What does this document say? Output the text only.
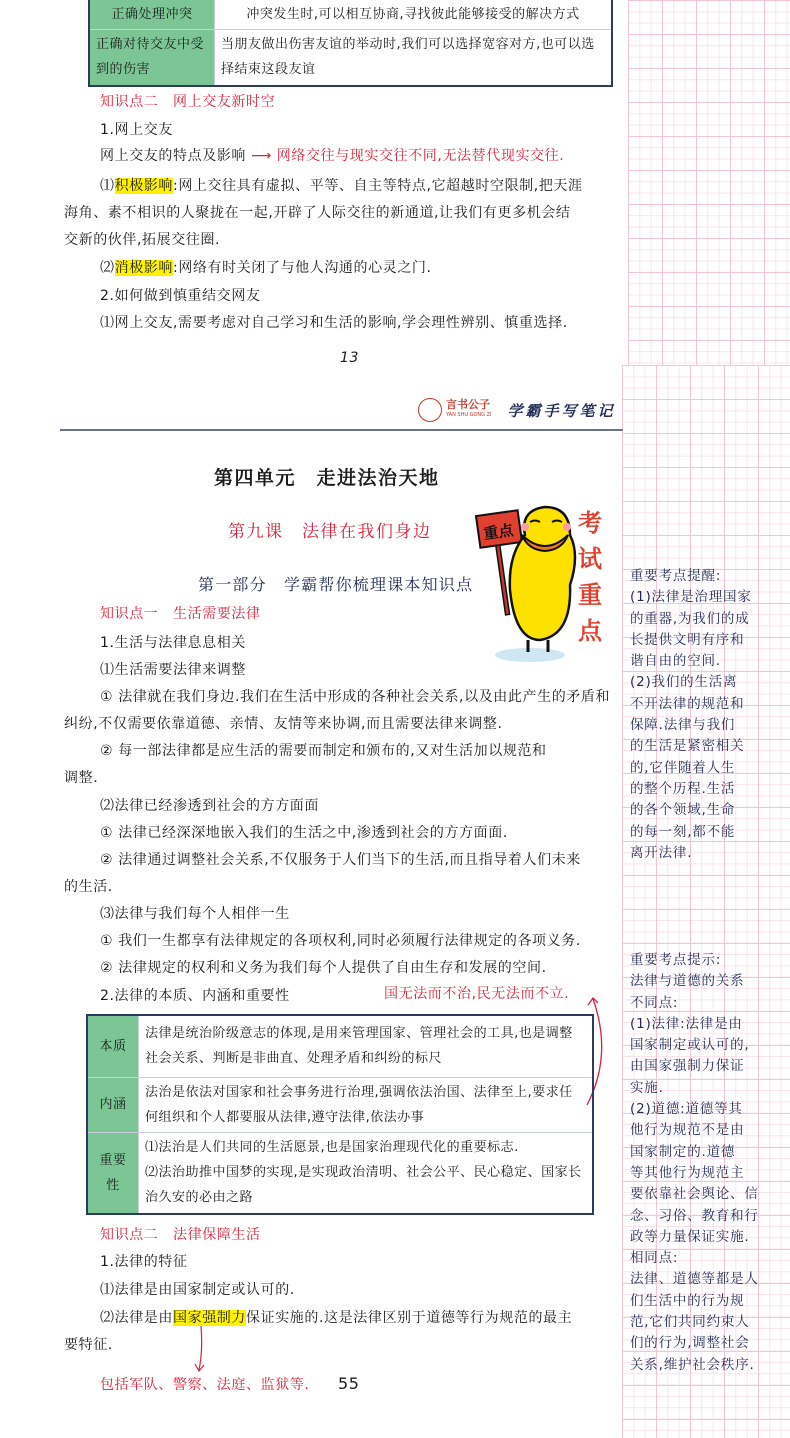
正确处理冲突	冲突发生时,可以相互协商,寻找彼此能够接受的解决方式
正确对待交友中受到的伤害	当朋友做出伤害友谊的举动时,我们可以选择宽容对方,也可以选择结束这段友谊
知识点二　网上交友新时空
1.网上交友
网上交友的特点及影响 ⟶ 网络交往与现实交往不同,无法替代现实交往.
⑴积极影响:网上交往具有虚拟、平等、自主等特点,它超越时空限制,把天涯
海角、素不相识的人聚拢在一起,开辟了人际交往的新通道,让我们有更多机会结
交新的伙伴,拓展交往圈.
⑵消极影响:网络有时关闭了与他人沟通的心灵之门.
2.如何做到慎重结交网友
⑴网上交友,需要考虑对自己学习和生活的影响,学会理性辨别、慎重选择.
13
言书公子
YAN SHU GONG ZI 学霸手写笔记
第四单元　走进法治天地
第九课　法律在我们身边
第一部分　学霸帮你梳理课本知识点
重点	考试重点
知识点一　生活需要法律
1.生活与法律息息相关
⑴生活需要法律来调整
① 法律就在我们身边.我们在生活中形成的各种社会关系,以及由此产生的矛盾和
纠纷,不仅需要依靠道德、亲情、友情等来协调,而且需要法律来调整.
② 每一部法律都是应生活的需要而制定和颁布的,又对生活加以规范和
调整.
⑵法律已经渗透到社会的方方面面
① 法律已经深深地嵌入我们的生活之中,渗透到社会的方方面面.
② 法律通过调整社会关系,不仅服务于人们当下的生活,而且指导着人们未来
的生活.
⑶法律与我们每个人相伴一生
① 我们一生都享有法律规定的各项权利,同时必须履行法律规定的各项义务.
② 法律规定的权利和义务为我们每个人提供了自由生存和发展的空间.
2.法律的本质、内涵和重要性	国无法而不治,民无法而不立.
本质	法律是统治阶级意志的体现,是用来管理国家、管理社会的工具,也是调整社会关系、判断是非曲直、处理矛盾和纠纷的标尺
内涵	法治是依法对国家和社会事务进行治理,强调依法治国、法律至上,要求任何组织和个人都要服从法律,遵守法律,依法办事
重要性	⑴法治是人们共同的生活愿景,也是国家治理现代化的重要标志.
⑵法治助推中国梦的实现,是实现政治清明、社会公平、民心稳定、国家长治久安的必由之路
知识点二　法律保障生活
1.法律的特征
⑴法律是由国家制定或认可的.
⑵法律是由国家强制力保证实施的.这是法律区别于道德等行为规范的最主
要特征.
包括军队、警察、法庭、监狱等. 55
重要考点提醒:
(1)法律是治理国家
的重器,为我们的成
长提供文明有序和
谐自由的空间.
(2)我们的生活离
不开法律的规范和
保障.法律与我们
的生活是紧密相关
的,它伴随着人生
的整个历程.生活
的各个领域,生命
的每一刻,都不能
离开法律.
重要考点提示:
法律与道德的关系
不同点:
(1)法律:法律是由
国家制定或认可的,
由国家强制力保证
实施.
(2)道德:道德等其
他行为规范不是由
国家制定的.道德
等其他行为规范主
要依靠社会舆论、信
念、习俗、教育和行
政等力量保证实施.
相同点:
法律、道德等都是人
们生活中的行为规
范,它们共同约束人
们的行为,调整社会
关系,维护社会秩序.
